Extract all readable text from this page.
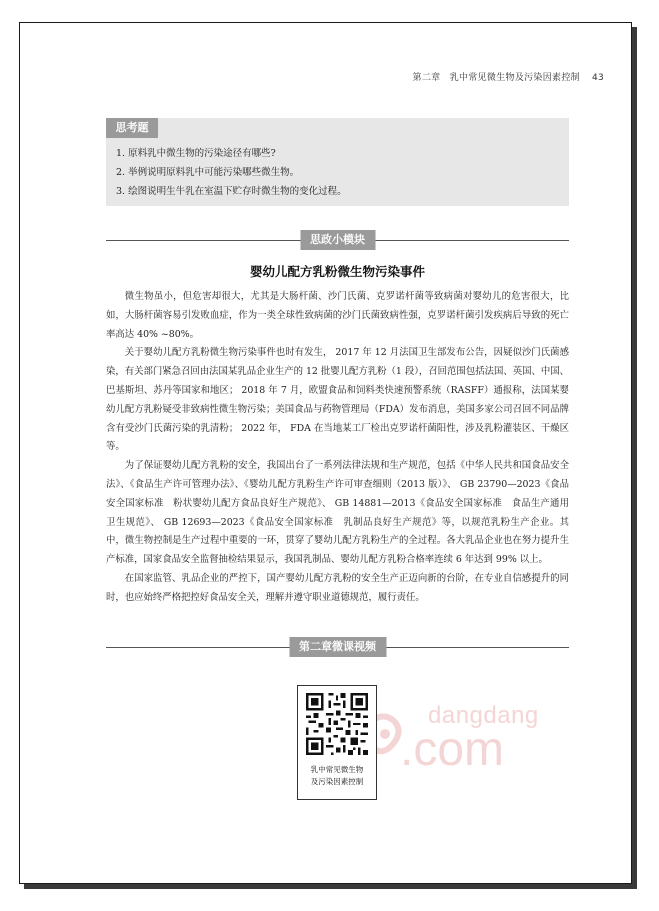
第二章　乳中常见微生物及污染因素控制 43
思考题
1. 原料乳中微生物的污染途径有哪些?
2. 举例说明原料乳中可能污染哪些微生物。
3. 绘图说明生牛乳在室温下贮存时微生物的变化过程。
思政小模块
婴幼儿配方乳粉微生物污染事件

微生物虽小，但危害却很大，尤其是大肠杆菌、沙门氏菌、克罗诺杆菌等致病菌对婴幼儿的危害很大，比如，大肠杆菌容易引发败血症，作为一类全球性致病菌的沙门氏菌致病性强，克罗诺杆菌引发疾病后导致的死亡率高达 40% ~80%。

关于婴幼儿配方乳粉微生物污染事件也时有发生， 2017 年 12 月法国卫生部发布公告，因疑似沙门氏菌感染，有关部门紧急召回由法国某乳品企业生产的 12 批婴儿配方乳粉（1 段），召回范围包括法国、英国、中国、巴基斯坦、苏丹等国家和地区； 2018 年 7 月，欧盟食品和饲料类快速预警系统（RASFF）通报称，法国某婴幼儿配方乳粉疑受非致病性微生物污染；美国食品与药物管理局（FDA）发布消息，美国多家公司召回不同品牌含有受沙门氏菌污染的乳清粉； 2022 年， FDA 在当地某工厂检出克罗诺杆菌阳性，涉及乳粉灌装区、干燥区等。

为了保证婴幼儿配方乳粉的安全，我国出台了一系列法律法规和生产规范，包括《中华人民共和国食品安全法》、《食品生产许可管理办法》、《婴幼儿配方乳粉生产许可审查细则（2013 版）》、 GB 23790—2023《食品安全国家标准　粉状婴幼儿配方食品良好生产规范》、 GB 14881—2013《食品安全国家标准　食品生产通用卫生规范》、 GB 12693—2023《食品安全国家标准　乳制品良好生产规范》等，以规范乳粉生产企业。其中，微生物控制是生产过程中重要的一环，贯穿了婴幼儿配方乳粉生产的全过程。各大乳品企业也在努力提升生产标准，国家食品安全监督抽检结果显示，我国乳制品、婴幼儿配方乳粉合格率连续 6 年达到 99% 以上。

在国家监管、乳品企业的严控下，国产婴幼儿配方乳粉的安全生产正迈向新的台阶，在专业自信感提升的同时，也应始终严格把控好食品安全关，理解并遵守职业道德规范，履行责任。

第二章微课视频
dangdang
.com
乳中常见微生物
及污染因素控制
